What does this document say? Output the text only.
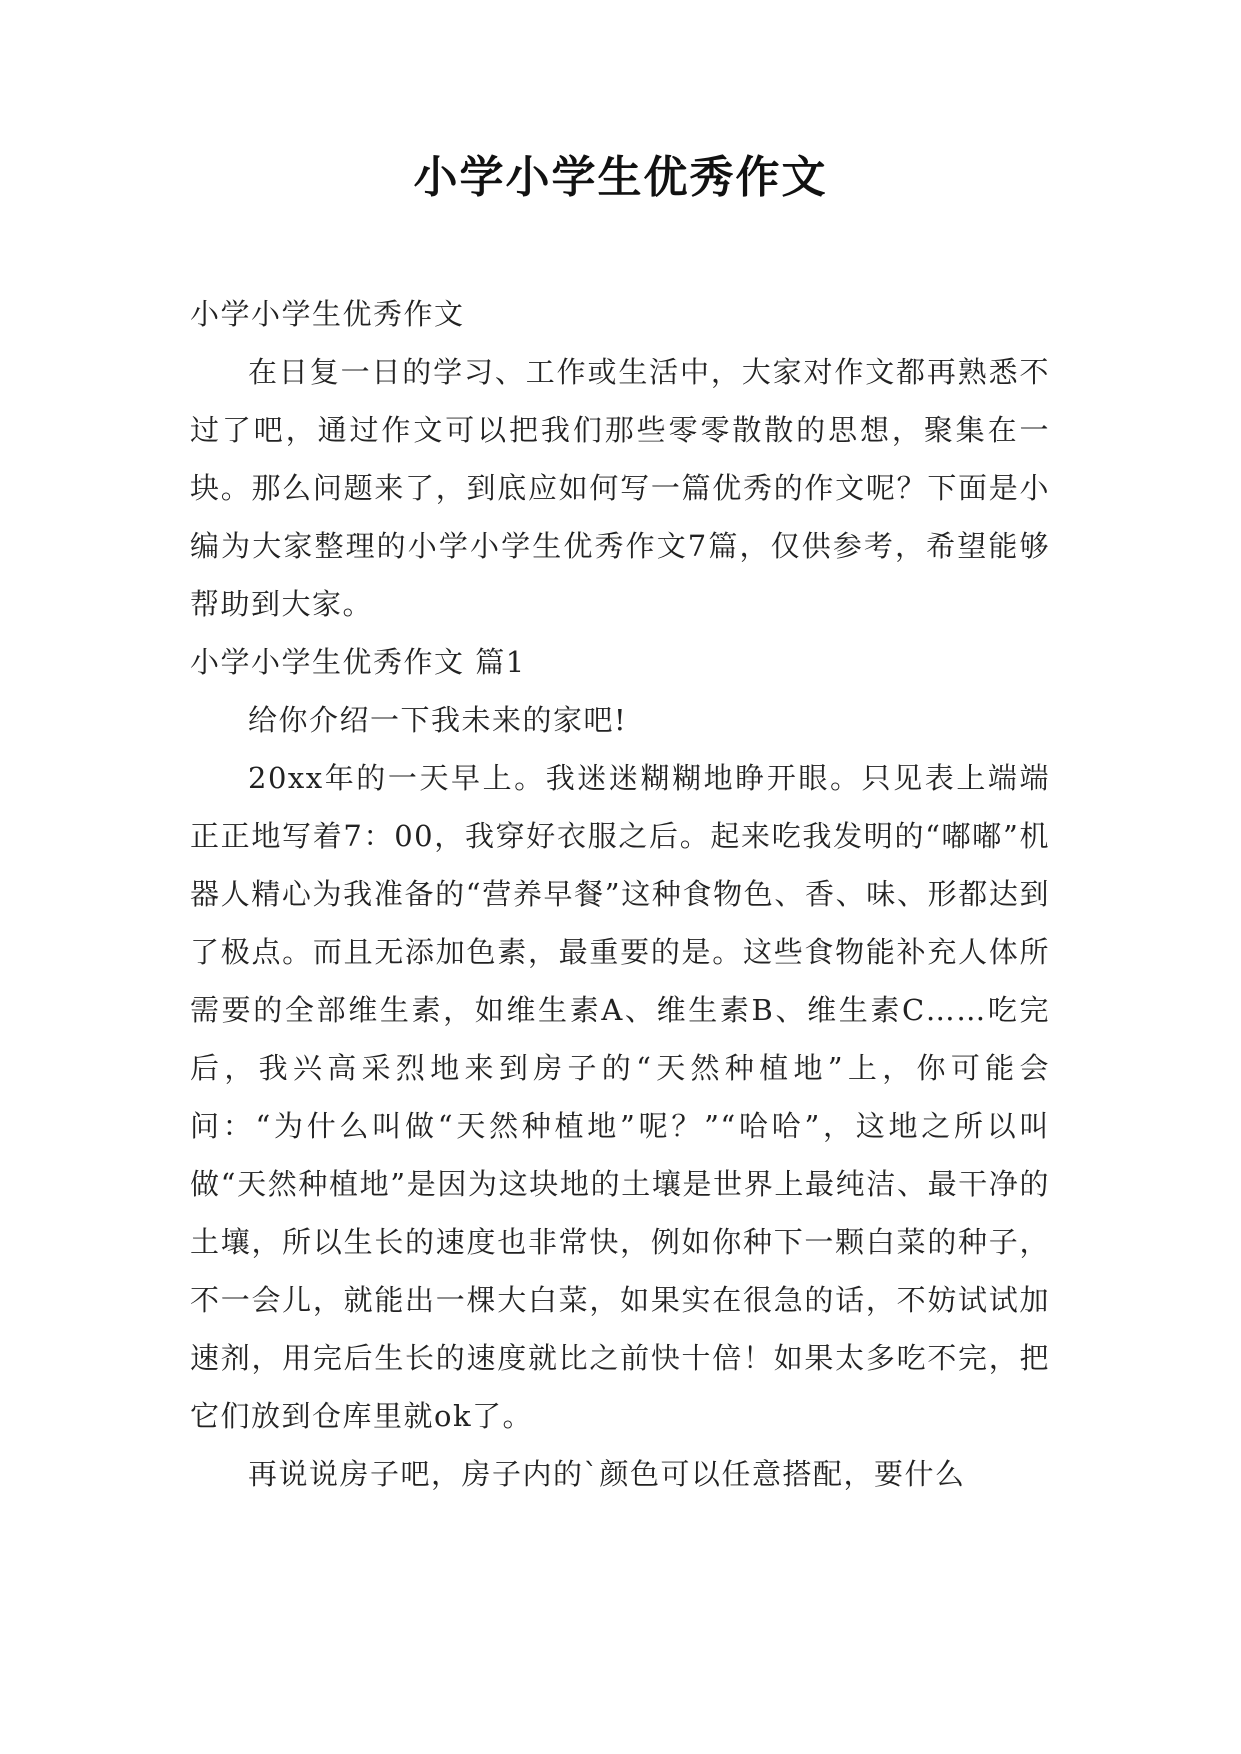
小学小学生优秀作文

小学小学生优秀作文

在日复一日的学习、工作或生活中，大家对作文都再熟悉不过了吧，通过作文可以把我们那些零零散散的思想，聚集在一块。那么问题来了，到底应如何写一篇优秀的作文呢？下面是小编为大家整理的小学小学生优秀作文7篇，仅供参考，希望能够帮助到大家。

小学小学生优秀作文 篇1

给你介绍一下我未来的家吧!

20xx年的一天早上。我迷迷糊糊地睁开眼。只见表上端端正正地写着7：00，我穿好衣服之后。起来吃我发明的“嘟嘟”机器人精心为我准备的“营养早餐”这种食物色、香、味、形都达到了极点。而且无添加色素，最重要的是。这些食物能补充人体所需要的全部维生素，如维生素A、维生素B、维生素C……吃完后，我兴高采烈地来到房子的“天然种植地”上，你可能会问：“为什么叫做“天然种植地”呢？”“哈哈”，这地之所以叫做“天然种植地”是因为这块地的土壤是世界上最纯洁、最干净的土壤，所以生长的速度也非常快，例如你种下一颗白菜的种子，不一会儿，就能出一棵大白菜，如果实在很急的话，不妨试试加速剂，用完后生长的速度就比之前快十倍！如果太多吃不完，把它们放到仓库里就ok了。

再说说房子吧，房子内的`颜色可以任意搭配，要什么
